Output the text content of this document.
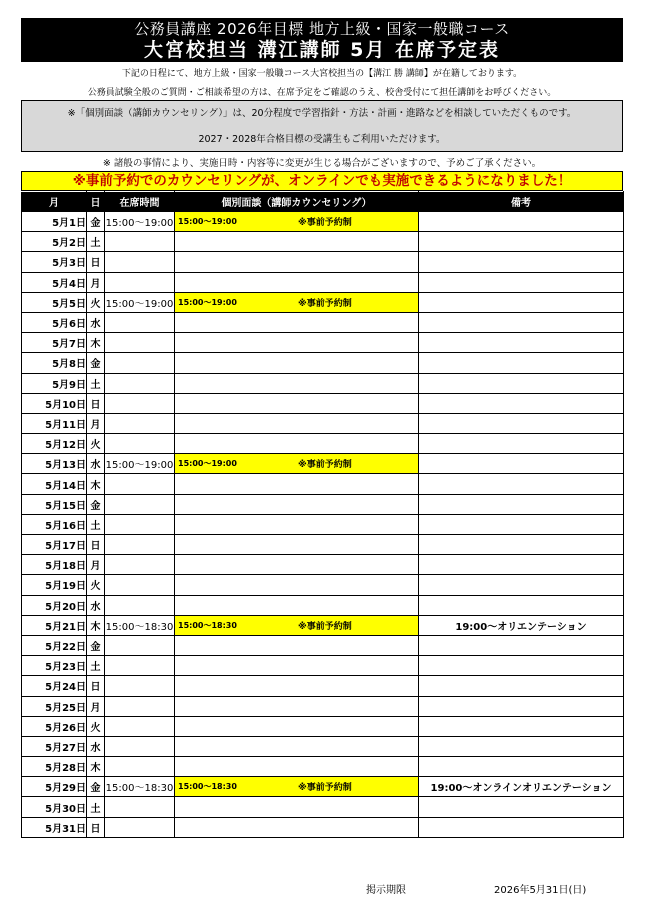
公務員講座 2026年目標 地方上級・国家一般職コース
大宮校担当 溝江講師 5月 在席予定表
下記の日程にて、地方上級・国家一般職コース大宮校担当の【溝江 勝 講師】が在籍しております。
公務員試験全般のご質問・ご相談希望の方は、在席予定をご確認のうえ、校舎受付にて担任講師をお呼びください。
※「個別面談（講師カウンセリング）」は、20分程度で学習指針・方法・計画・進路などを相談していただくものです。
2027・2028年合格目標の受講生もご利用いただけます。
※ 諸般の事情により、実施日時・内容等に変更が生じる場合がございますので、予めご了承ください。
※事前予約でのカウンセリングが、オンラインでも実施できるようになりました！
月	日	在席時間	個別面談（講師カウンセリング）	備考
5月1日	金	15:00～19:00	15:00～19:00 ※事前予約制	

5月2日	土		

5月3日	日		

5月4日	月		

5月5日	火	15:00～19:00	15:00～19:00 ※事前予約制	

5月6日	水		

5月7日	木		

5月8日	金		

5月9日	土		

5月10日	日		

5月11日	月		

5月12日	火		

5月13日	水	15:00～19:00	15:00～19:00 ※事前予約制	

5月14日	木		

5月15日	金		

5月16日	土		

5月17日	日		

5月18日	月		

5月19日	火		

5月20日	水		

5月21日	木	15:00～18:30	15:00～18:30 ※事前予約制	19:00～オリエンテーション
5月22日	金		

5月23日	土		

5月24日	日		

5月25日	月		

5月26日	火		

5月27日	水		

5月28日	木		

5月29日	金	15:00～18:30	15:00～18:30 ※事前予約制	19:00～オンラインオリエンテーション
5月30日	土		

5月31日	日		

掲示期限	2026年5月31日(日)
